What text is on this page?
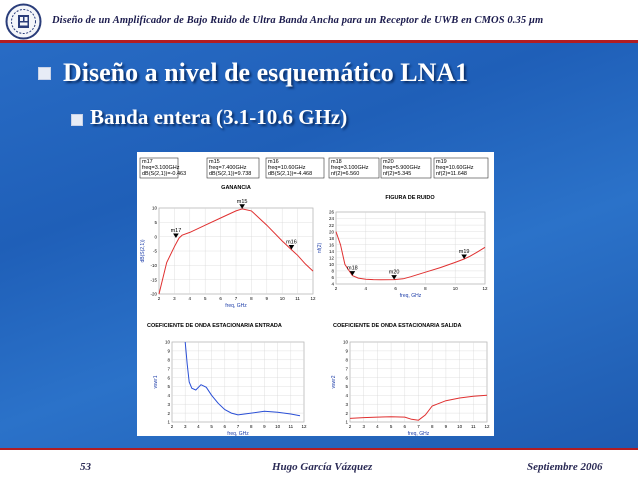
Diseño de un Amplificador de Bajo Ruido de Ultra Banda Ancha para un Receptor de UWB en CMOS 0.35 µm
Diseño a nivel de esquemático LNA1
Banda entera (3.1-10.6 GHz)
m17
freq=3.100GHz
dB(S(2,1))=-0.463
m15
freq=7.400GHz
dB(S(2,1))=9.738
m16
freq=10.60GHz
dB(S(2,1))=-4.468
m18
freq=3.100GHz
nf(2)=6.560
m20
freq=5.900GHz
nf(2)=5.345
m19
freq=10.60GHz
nf(2)=11.648
GANANCIA
10
5
0
-5
-10
-15
-20
2	3	4	5	6	7	8	9	10 11 12
freq, GHz
dB(S(2,1))
m17
m15
m16
FIGURA DE RUIDO
4
6
8
10
12
14
16
18
20
22
24
26
2	4	6	8	10	12
freq, GHz
nf(2)
m18
m20
m19
COEFICIENTE DE ONDA ESTACIONARIA ENTRADA
1
2
3
4
5
6
7
8
9
10
2 3 4 5 6 7 8 9 10 11 12
freq, GHz
vswr1
COEFICIENTE DE ONDA ESTACIONARIA SALIDA
1
2
3
4
5
6
7
8
9
10
2 3 4 5 6 7 8 9 10 11 12
freq, GHz
vswr2
53	Hugo García Vázquez	Septiembre 2006
